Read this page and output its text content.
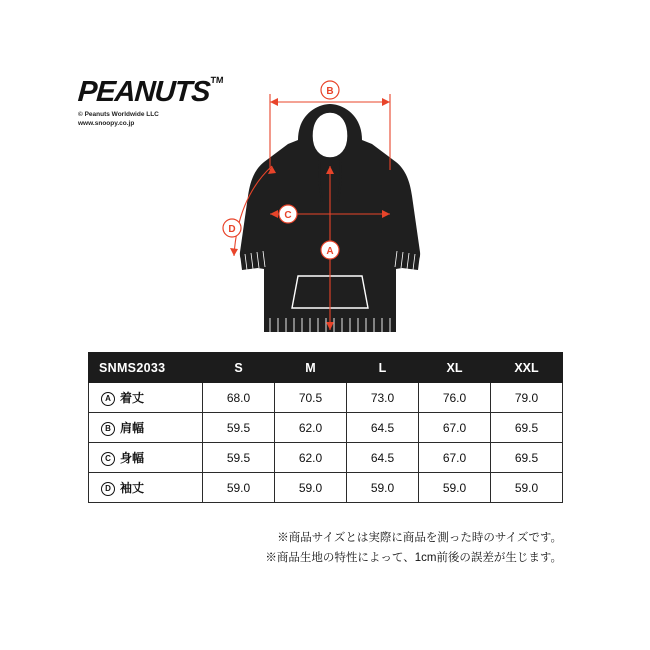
PEANUTS TM
© Peanuts Worldwide LLC
www.snoopy.co.jp
B
C
A
D
SNMS2033	S	M	L	XL	XXL
A 着丈	68.0	70.5	73.0	76.0	79.0
B 肩幅	59.5	62.0	64.5	67.0	69.5
C 身幅	59.5	62.0	64.5	67.0	69.5
D 袖丈	59.0	59.0	59.0	59.0	59.0
※商品サイズとは実際に商品を測った時のサイズです。
※商品生地の特性によって、1cm前後の誤差が生じます。
